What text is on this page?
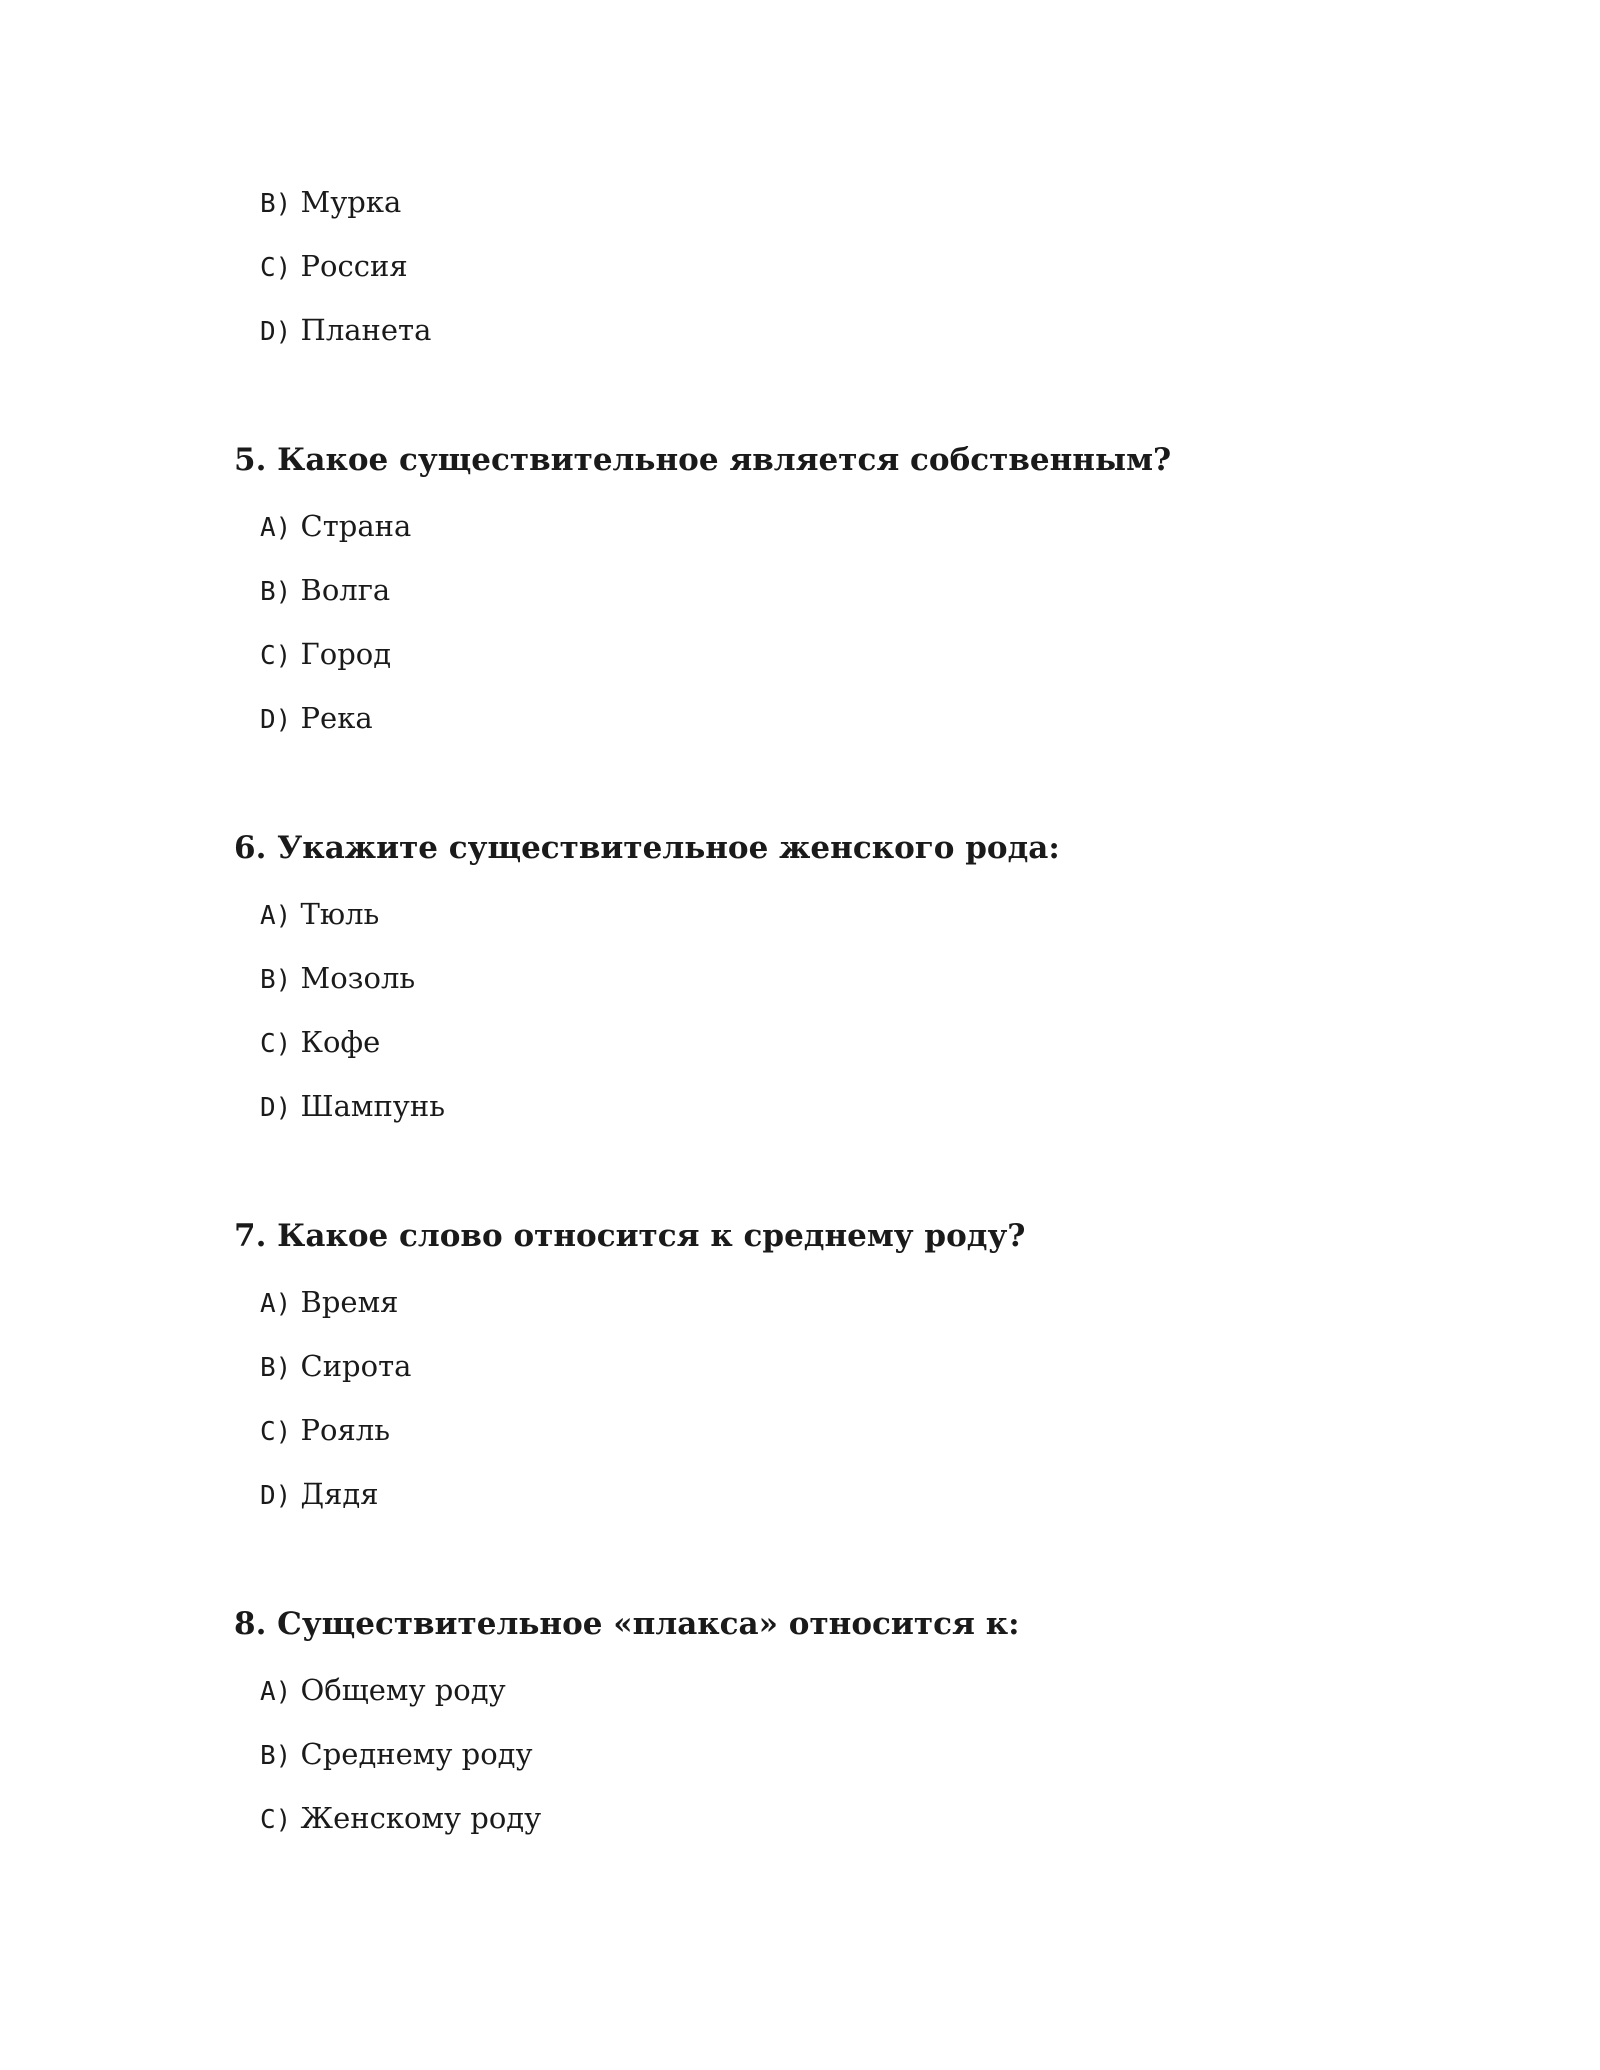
B) Мурка
C) Россия
D) Планета
5. Какое существительное является собственным?
A) Страна
B) Волга
C) Город
D) Река
6. Укажите существительное женского рода:
A) Тюль
B) Мозоль
C) Кофе
D) Шампунь
7. Какое слово относится к среднему роду?
A) Время
B) Сирота
C) Рояль
D) Дядя
8. Существительное «плакса» относится к:
A) Общему роду
B) Среднему роду
C) Женскому роду
